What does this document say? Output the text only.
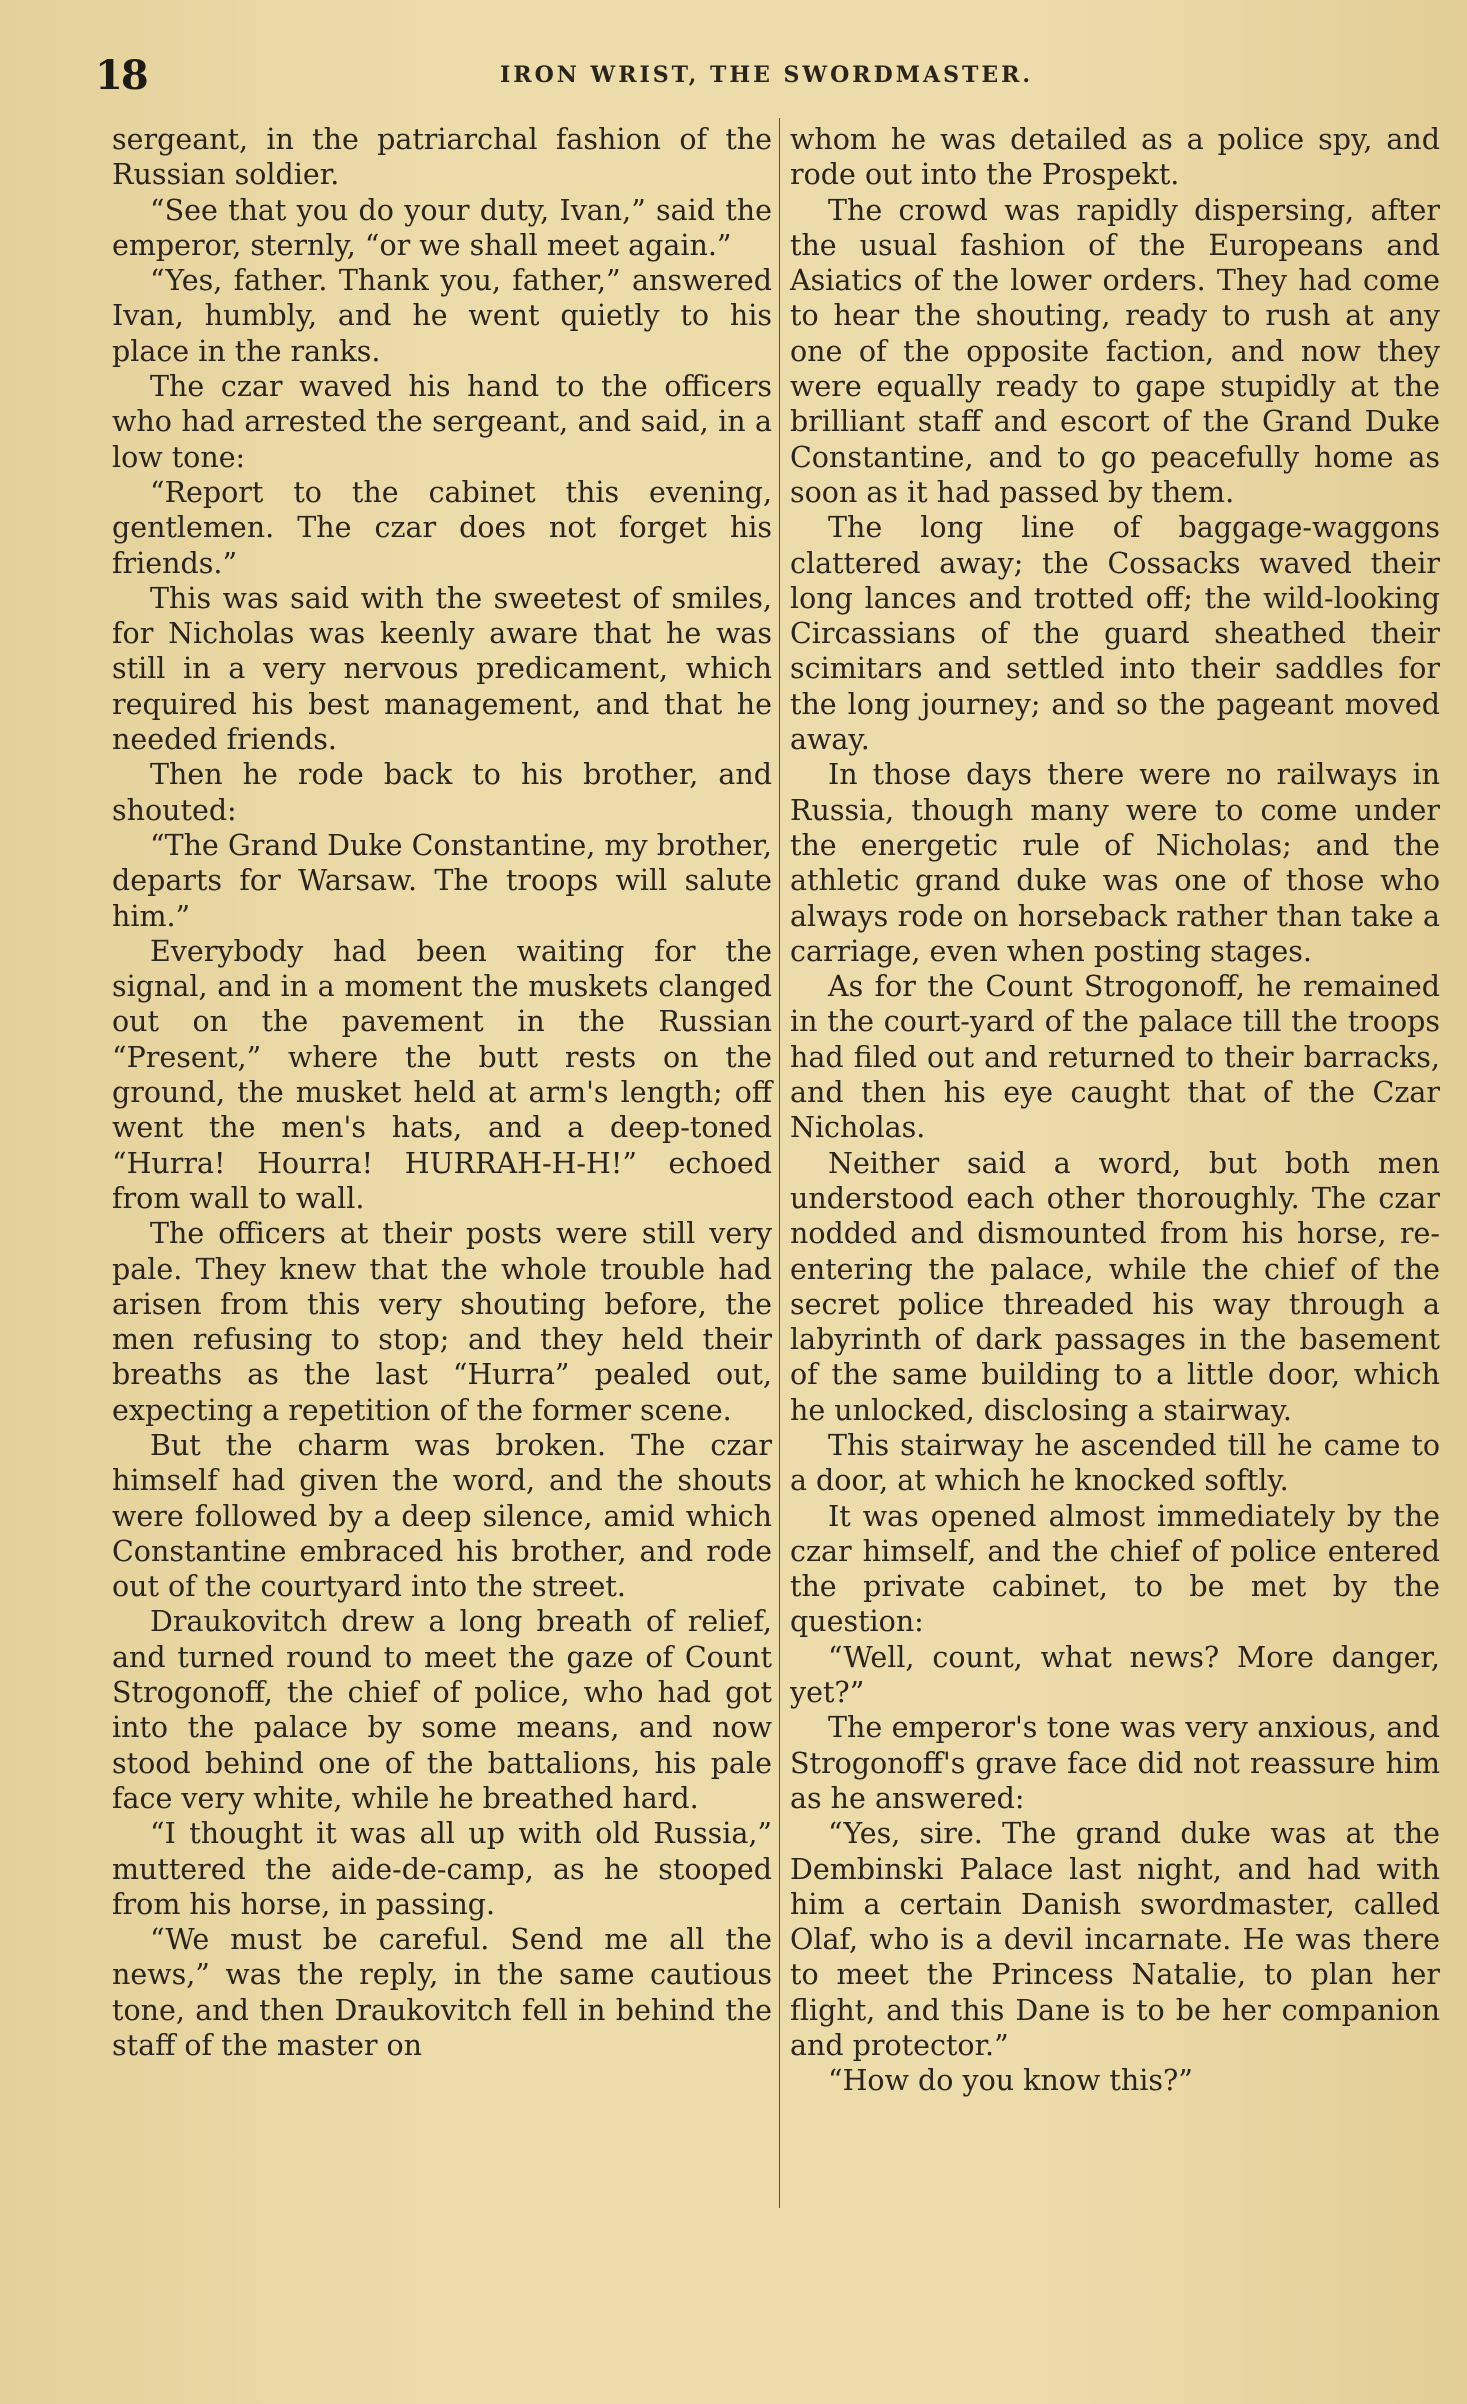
18	IRON WRIST, THE SWORDMASTER.

sergeant, in the patriarchal fashion of the Russian soldier.

“See that you do your duty, Ivan,” said the emperor, sternly, “or we shall meet again.”

“Yes, father. Thank you, father,” answered Ivan, humbly, and he went quietly to his place in the ranks.

The czar waved his hand to the officers who had arrested the sergeant, and said, in a low tone:

“Report to the cabinet this evening, gentlemen. The czar does not forget his friends.”

This was said with the sweetest of smiles, for Nicholas was keenly aware that he was still in a very nervous predicament, which required his best management, and that he needed friends.

Then he rode back to his brother, and shouted:

“The Grand Duke Constantine, my brother, departs for Warsaw. The troops will salute him.”

Everybody had been waiting for the signal, and in a moment the muskets clanged out on the pavement in the Russian “Present,” where the butt rests on the ground, the musket held at arm's length; off went the men's hats, and a deep-toned “Hurra! Hourra! HURRAH-H-H!” echoed from wall to wall.

The officers at their posts were still very pale. They knew that the whole trouble had arisen from this very shouting before, the men refusing to stop; and they held their breaths as the last “Hurra” pealed out, expecting a repetition of the former scene.

But the charm was broken. The czar himself had given the word, and the shouts were followed by a deep silence, amid which Constantine embraced his brother, and rode out of the courtyard into the street.

Draukovitch drew a long breath of relief, and turned round to meet the gaze of Count Strogonoff, the chief of police, who had got into the palace by some means, and now stood behind one of the battalions, his pale face very white, while he breathed hard.

“I thought it was all up with old Russia,” muttered the aide-de-camp, as he stooped from his horse, in passing.

“We must be careful. Send me all the news,” was the reply, in the same cautious tone, and then Draukovitch fell in behind the staff of the master on

whom he was detailed as a police spy, and rode out into the Prospekt.

The crowd was rapidly dispersing, after the usual fashion of the Europeans and Asiatics of the lower orders. They had come to hear the shouting, ready to rush at any one of the opposite faction, and now they were equally ready to gape stupidly at the brilliant staff and escort of the Grand Duke Constantine, and to go peacefully home as soon as it had passed by them.

The long line of baggage-waggons clattered away; the Cossacks waved their long lances and trotted off; the wild-looking Circassians of the guard sheathed their scimitars and settled into their saddles for the long journey; and so the pageant moved away.

In those days there were no railways in Russia, though many were to come under the energetic rule of Nicholas; and the athletic grand duke was one of those who always rode on horseback rather than take a carriage, even when posting stages.

As for the Count Strogonoff, he remained in the court-yard of the palace till the troops had filed out and returned to their barracks, and then his eye caught that of the Czar Nicholas.

Neither said a word, but both men understood each other thoroughly. The czar nodded and dismounted from his horse, re-entering the palace, while the chief of the secret police threaded his way through a labyrinth of dark passages in the basement of the same building to a little door, which he unlocked, disclosing a stairway.

This stairway he ascended till he came to a door, at which he knocked softly.

It was opened almost immediately by the czar himself, and the chief of police entered the private cabinet, to be met by the question:

“Well, count, what news? More danger, yet?”

The emperor's tone was very anxious, and Strogonoff's grave face did not reassure him as he answered:

“Yes, sire. The grand duke was at the Dembinski Palace last night, and had with him a certain Danish swordmaster, called Olaf, who is a devil incarnate. He was there to meet the Princess Natalie, to plan her flight, and this Dane is to be her companion and protector.”

“How do you know this?”
